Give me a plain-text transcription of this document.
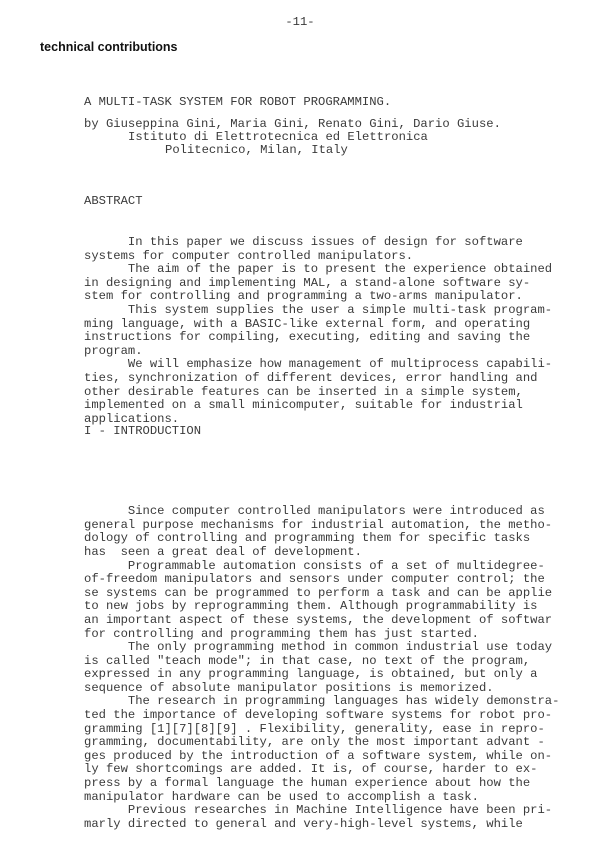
-11-
technical contributions
A MULTI-TASK SYSTEM FOR ROBOT PROGRAMMING.
by Giuseppina Gini, Maria Gini, Renato Gini, Dario Giuse.
Istituto di Elettrotecnica ed Elettronica
Politecnico, Milan, Italy

ABSTRACT

In this paper we discuss issues of design for software
systems for computer controlled manipulators.
The aim of the paper is to present the experience obtained
in designing and implementing MAL, a stand-alone software sy-
stem for controlling and programming a two-arms manipulator.
This system supplies the user a simple multi-task program-
ming language, with a BASIC-like external form, and operating
instructions for compiling, executing, editing and saving the
program.
We will emphasize how management of multiprocess capabili-
ties, synchronization of different devices, error handling and
other desirable features can be inserted in a simple system,
implemented on a small minicomputer, suitable for industrial
applications.

I - INTRODUCTION

Since computer controlled manipulators were introduced as
general purpose mechanisms for industrial automation, the metho-
dology of controlling and programming them for specific tasks
has  seen a great deal of development.
Programmable automation consists of a set of multidegree-
of-freedom manipulators and sensors under computer control; the
se systems can be programmed to perform a task and can be applie
to new jobs by reprogramming them. Although programmability is
an important aspect of these systems, the development of softwar
for controlling and programming them has just started.
The only programming method in common industrial use today
is called "teach mode"; in that case, no text of the program,
expressed in any programming language, is obtained, but only a
sequence of absolute manipulator positions is memorized.
The research in programming languages has widely demonstra-
ted the importance of developing software systems for robot pro-
gramming [1][7][8][9] . Flexibility, generality, ease in repro-
gramming, documentability, are only the most important advant -
ges produced by the introduction of a software system, while on-
ly few shortcomings are added. It is, of course, harder to ex-
press by a formal language the human experience about how the
manipulator hardware can be used to accomplish a task.
Previous researches in Machine Intelligence have been pri-
marly directed to general and very-high-level systems, while
